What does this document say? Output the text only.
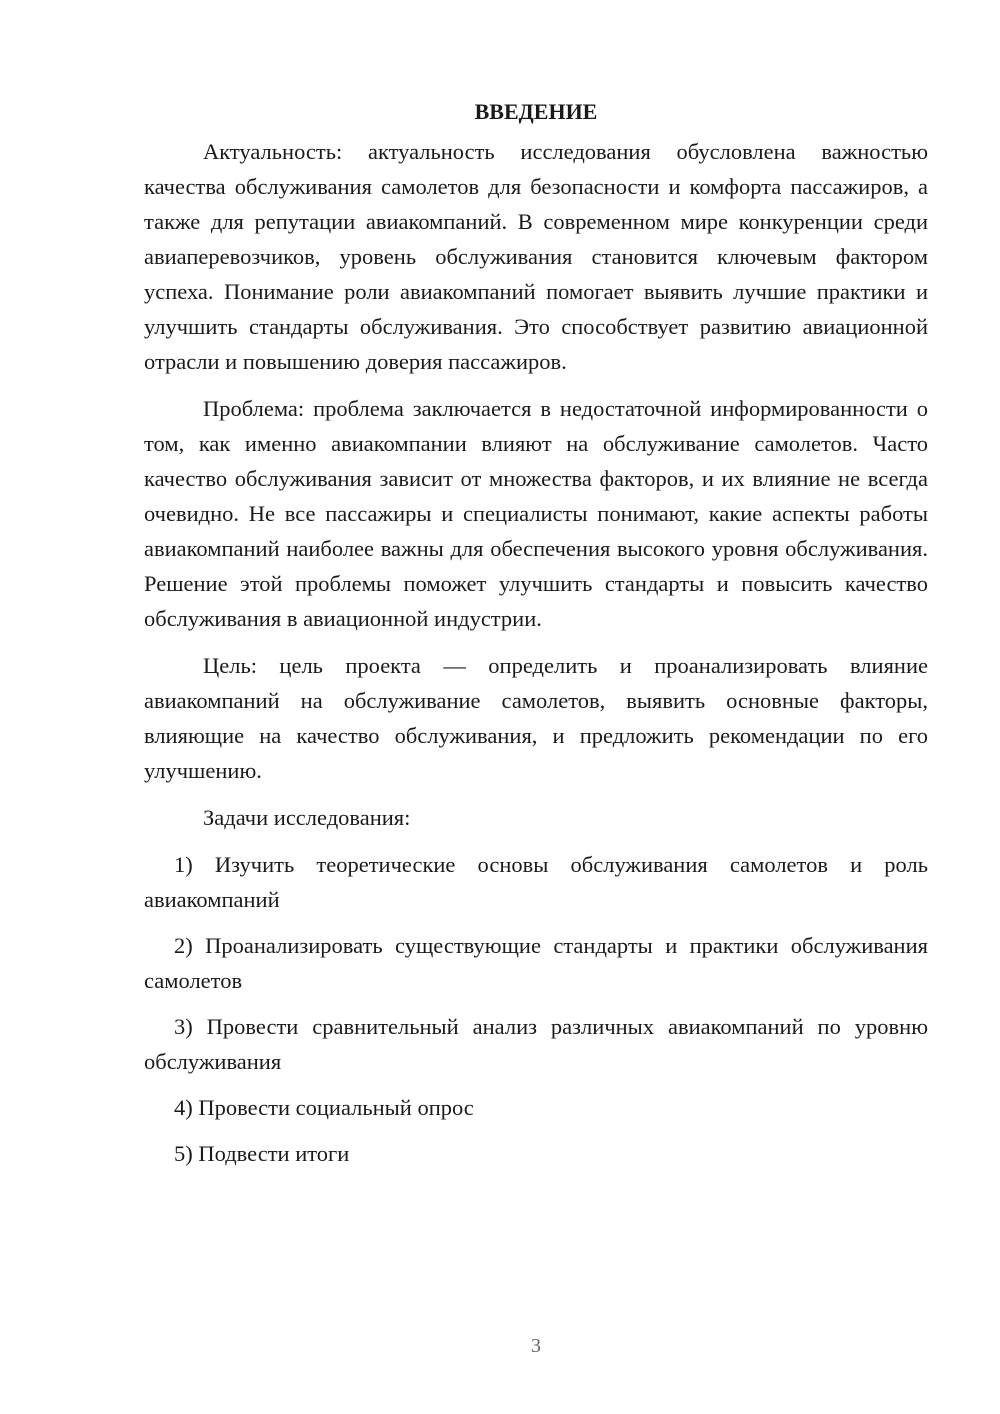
ВВЕДЕНИЕ

Актуальность: актуальность исследования обусловлена важностью качества обслуживания самолетов для безопасности и комфорта пассажиров, а также для репутации авиакомпаний. В современном мире конкуренции среди авиаперевозчиков, уровень обслуживания становится ключевым фактором успеха. Понимание роли авиакомпаний помогает выявить лучшие практики и улучшить стандарты обслуживания. Это способствует развитию авиационной отрасли и повышению доверия пассажиров.

Проблема: проблема заключается в недостаточной информированности о том, как именно авиакомпании влияют на обслуживание самолетов. Часто качество обслуживания зависит от множества факторов, и их влияние не всегда очевидно. Не все пассажиры и специалисты понимают, какие аспекты работы авиакомпаний наиболее важны для обеспечения высокого уровня обслуживания. Решение этой проблемы поможет улучшить стандарты и повысить качество обслуживания в авиационной индустрии.

Цель: цель проекта — определить и проанализировать влияние авиакомпаний на обслуживание самолетов, выявить основные факторы, влияющие на качество обслуживания, и предложить рекомендации по его улучшению.

Задачи исследования:

1) Изучить теоретические основы обслуживания самолетов и роль авиакомпаний

2) Проанализировать существующие стандарты и практики обслуживания самолетов

3) Провести сравнительный анализ различных авиакомпаний по уровню обслуживания

4) Провести социальный опрос

5) Подвести итоги

3
